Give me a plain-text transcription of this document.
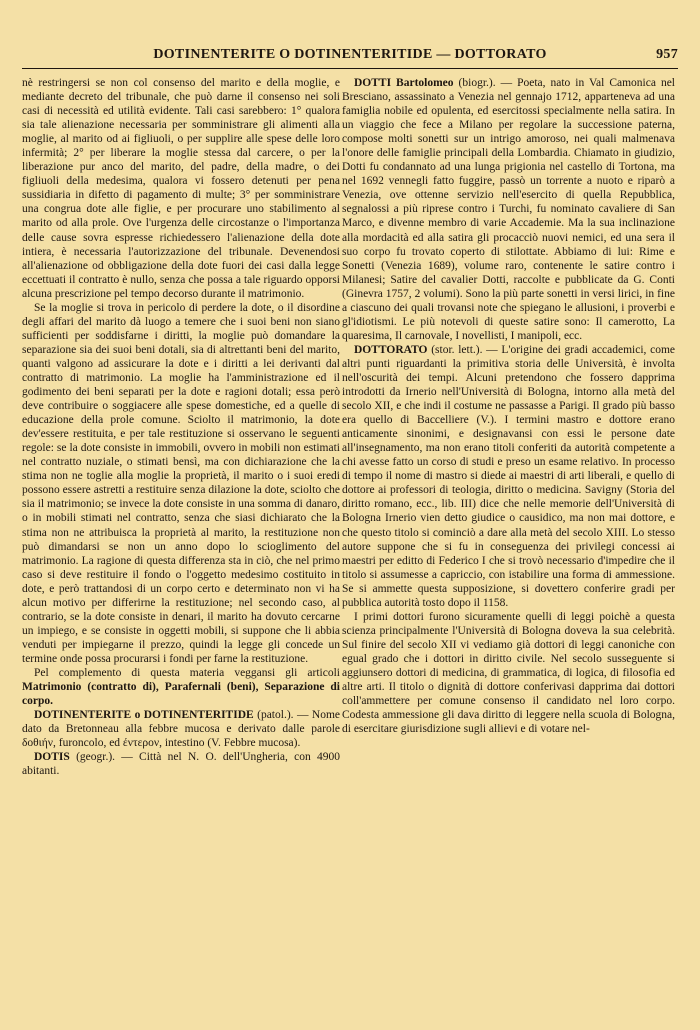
DOTINENTERITE O DOTINENTERITIDE — DOTTORATO	957

nè restringersi se non col consenso del marito e della moglie, e mediante decreto del tribunale, che può darne il consenso nei soli casi di necessità ed utilità evidente. Tali casi sarebbero: 1° qualora sia tale alienazione necessaria per somministrare gli alimenti alla moglie, al marito od ai figliuoli, o per supplire alle spese delle loro infermità; 2° per liberare la moglie stessa dal carcere, o per la liberazione pur anco del marito, del padre, della madre, o dei figliuoli della medesima, qualora vi fossero detenuti per pena sussidiaria in difetto di pagamento di multe; 3° per somministrare una congrua dote alle figlie, e per procurare uno stabilimento al marito od alla prole. Ove l'urgenza delle circostanze o l'importanza delle cause sovra espresse richiedessero l'alienazione della dote intiera, è necessaria l'autorizzazione del tribunale. Devenendosi all'alienazione od obbligazione della dote fuori dei casi dalla legge eccettuati il contratto è nullo, senza che possa a tale riguardo opporsi alcuna prescrizione pel tempo decorso durante il matrimonio.

Se la moglie si trova in pericolo di perdere la dote, o il disordine degli affari del marito dà luogo a temere che i suoi beni non siano sufficienti per soddisfarne i diritti, la moglie può domandare la separazione sia dei suoi beni dotali, sia di altrettanti beni del marito, quanti valgono ad assicurare la dote e i diritti a lei derivanti dal contratto di matrimonio. La moglie ha l'amministrazione ed il godimento dei beni separati per la dote e ragioni dotali; essa però deve contribuire o soggiacere alle spese domestiche, ed a quelle di educazione della prole comune. Sciolto il matrimonio, la dote dev'essere restituita, e per tale restituzione si osservano le seguenti regole: se la dote consiste in immobili, ovvero in mobili non estimati nel contratto nuziale, o stimati bensì, ma con dichiarazione che la stima non ne toglie alla moglie la proprietà, il marito o i suoi eredi possono essere astretti a restituire senza dilazione la dote, sciolto che sia il matrimonio; se invece la dote consiste in una somma di danaro, o in mobili stimati nel contratto, senza che siasi dichiarato che la stima non ne attribuisca la proprietà al marito, la restituzione non può dimandarsi se non un anno dopo lo scioglimento del matrimonio. La ragione di questa differenza sta in ciò, che nel primo caso si deve restituire il fondo o l'oggetto medesimo costituito in dote, e però trattandosi di un corpo certo e determinato non vi ha alcun motivo per differirne la restituzione; nel secondo caso, al contrario, se la dote consiste in denari, il marito ha dovuto cercarne un impiego, e se consiste in oggetti mobili, si suppone che li abbia venduti per impiegarne il prezzo, quindi la legge gli concede un termine onde possa procurarsi i fondi per farne la restituzione.

Pel complemento di questa materia veggansi gli articoli Matrimonio (contratto di), Parafernali (beni), Separazione di corpo.

DOTINENTERITE o DOTINENTERITIDE (patol.). — Nome dato da Bretonneau alla febbre mucosa e derivato dalle parole δοθιήν, furoncolo, ed έντερον, intestino (V. Febbre mucosa).

DOTIS (geogr.). — Città nel N. O. dell'Ungheria, con 4900 abitanti.

DOTTI Bartolomeo (biogr.). — Poeta, nato in Val Camonica nel Bresciano, assassinato a Venezia nel gennajo 1712, apparteneva ad una famiglia nobile ed opulenta, ed esercitossi specialmente nella satira. In un viaggio che fece a Milano per regolare la successione paterna, compose molti sonetti sur un intrigo amoroso, nei quali malmenava l'onore delle famiglie principali della Lombardia. Chiamato in giudizio, Dotti fu condannato ad una lunga prigionia nel castello di Tortona, ma nel 1692 vennegli fatto fuggire, passò un torrente a nuoto e riparò a Venezia, ove ottenne servizio nell'esercito di quella Repubblica, segnalossi a più riprese contro i Turchi, fu nominato cavaliere di San Marco, e divenne membro di varie Accademie. Ma la sua inclinazione alla mordacità ed alla satira gli procacciò nuovi nemici, ed una sera il suo corpo fu trovato coperto di stilottate. Abbiamo di lui: Rime e Sonetti (Venezia 1689), volume raro, contenente le satire contro i Milanesi; Satire del cavalier Dotti, raccolte e pubblicate da G. Conti (Ginevra 1757, 2 volumi). Sono la più parte sonetti in versi lirici, in fine a ciascuno dei quali trovansi note che spiegano le allusioni, i proverbi e gl'idiotismi. Le più notevoli di queste satire sono: Il camerotto, La quaresima, Il carnovale, I novellisti, I manipoli, ecc.

DOTTORATO (stor. lett.). — L'origine dei gradi accademici, come altri punti riguardanti la primitiva storia delle Università, è involta nell'oscurità dei tempi. Alcuni pretendono che fossero dapprima introdotti da Irnerio nell'Università di Bologna, intorno alla metà del secolo XII, e che indi il costume ne passasse a Parigi. Il grado più basso era quello di Baccelliere (V.). I termini mastro e dottore erano anticamente sinonimi, e designavansi con essi le persone date all'insegnamento, ma non erano titoli conferiti da autorità competente a chi avesse fatto un corso di studi e preso un esame relativo. In processo di tempo il nome di mastro si diede ai maestri di arti liberali, e quello di dottore ai professori di teologia, diritto o medicina. Savigny (Storia del diritto romano, ecc., lib. III) dice che nelle memorie dell'Università di Bologna Irnerio vien detto giudice o causidico, ma non mai dottore, e che questo titolo si cominciò a dare alla metà del secolo XIII. Lo stesso autore suppone che si fu in conseguenza dei privilegi concessi ai maestri per editto di Federico I che si trovò necessario d'impedire che il titolo si assumesse a capriccio, con istabilire una forma di ammessione. Se si ammette questa supposizione, si dovettero conferire gradi per pubblica autorità tosto dopo il 1158.

I primi dottori furono sicuramente quelli di leggi poichè a questa scienza principalmente l'Università di Bologna doveva la sua celebrità. Sul finire del secolo XII vi vediamo già dottori di leggi canoniche con egual grado che i dottori in diritto civile. Nel secolo susseguente si aggiunsero dottori di medicina, di grammatica, di logica, di filosofia ed altre arti. Il titolo o dignità di dottore conferivasi dapprima dai dottori coll'ammettere per comune consenso il candidato nel loro corpo. Codesta ammessione gli dava diritto di leggere nella scuola di Bologna, di esercitare giurisdizione sugli allievi e di votare nel-
